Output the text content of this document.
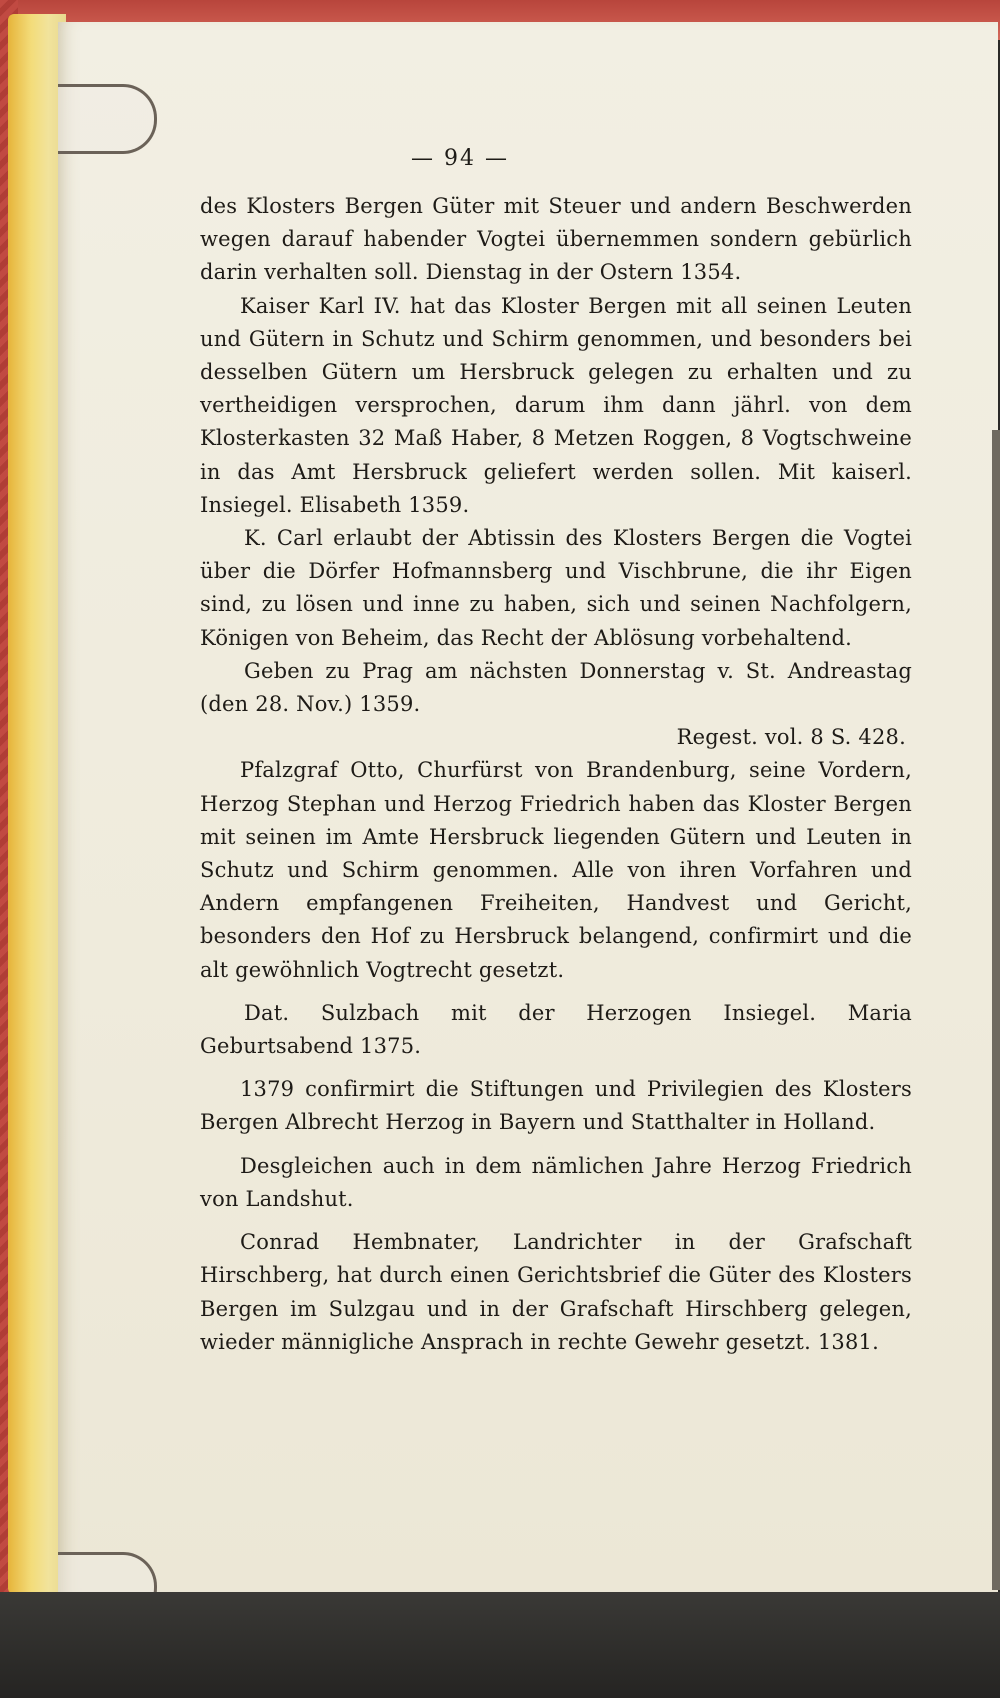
— 94 —

des Klosters Bergen Güter mit Steuer und andern Beschwerden wegen darauf habender Vogtei übernemmen sondern gebürlich darin verhalten soll. Dienstag in der Ostern 1354.

Kaiser Karl IV. hat das Kloster Bergen mit all seinen Leuten und Gütern in Schutz und Schirm genommen, und besonders bei desselben Gütern um Hersbruck gelegen zu erhalten und zu vertheidigen versprochen, darum ihm dann jährl. von dem Klosterkasten 32 Maß Haber, 8 Metzen Roggen, 8 Vogtschweine in das Amt Hersbruck geliefert werden sollen. Mit kaiserl. Insiegel. Elisabeth 1359.

K. Carl erlaubt der Abtissin des Klosters Bergen die Vogtei über die Dörfer Hofmannsberg und Vischbrune, die ihr Eigen sind, zu lösen und inne zu haben, sich und seinen Nachfolgern, Königen von Beheim, das Recht der Ablösung vorbehaltend.

Geben zu Prag am nächsten Donnerstag v. St. Andreastag (den 28. Nov.) 1359.

Regest. vol. 8 S. 428.

Pfalzgraf Otto, Churfürst von Brandenburg, seine Vordern, Herzog Stephan und Herzog Friedrich haben das Kloster Bergen mit seinen im Amte Hersbruck liegenden Gütern und Leuten in Schutz und Schirm genommen. Alle von ihren Vorfahren und Andern empfangenen Freiheiten, Handvest und Gericht, besonders den Hof zu Hersbruck belangend, confirmirt und die alt gewöhnlich Vogtrecht gesetzt.

Dat. Sulzbach mit der Herzogen Insiegel. Maria Geburtsabend 1375.

1379 confirmirt die Stiftungen und Privilegien des Klosters Bergen Albrecht Herzog in Bayern und Statthalter in Holland.

Desgleichen auch in dem nämlichen Jahre Herzog Friedrich von Landshut.

Conrad Hembnater, Landrichter in der Grafschaft Hirschberg, hat durch einen Gerichtsbrief die Güter des Klosters Bergen im Sulzgau und in der Grafschaft Hirschberg gelegen, wieder männigliche Ansprach in rechte Gewehr gesetzt. 1381.
